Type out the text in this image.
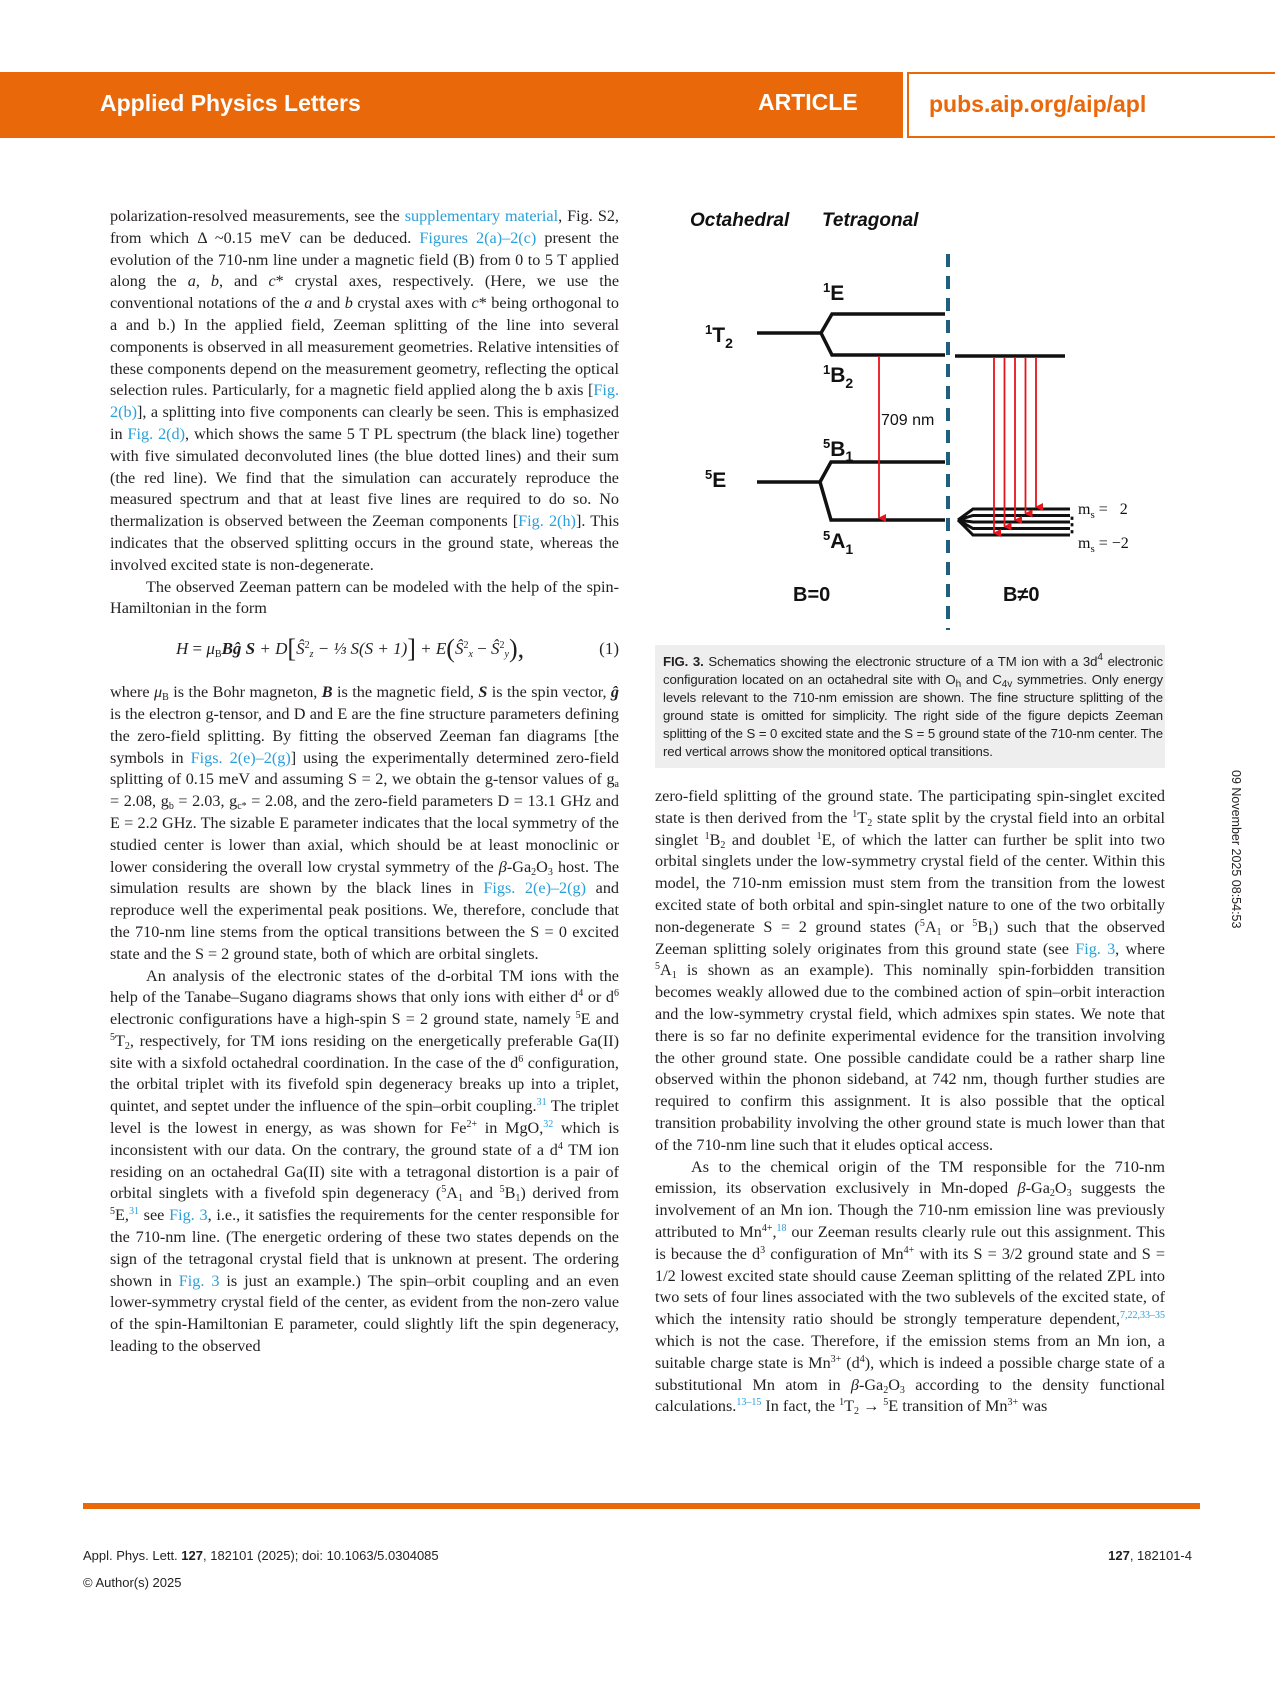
Applied Physics Letters	ARTICLE	pubs.aip.org/aip/apl

polarization-resolved measurements, see the supplementary material, Fig. S2, from which Δ ~0.15 meV can be deduced. Figures 2(a)–2(c) present the evolution of the 710-nm line under a magnetic field (B) from 0 to 5 T applied along the a, b, and c* crystal axes, respectively. (Here, we use the conventional notations of the a and b crystal axes with c* being orthogonal to a and b.) In the applied field, Zeeman splitting of the line into several components is observed in all measurement geometries. Relative intensities of these components depend on the measurement geometry, reflecting the optical selection rules. Particularly, for a magnetic field applied along the b axis [Fig. 2(b)], a splitting into five components can clearly be seen. This is emphasized in Fig. 2(d), which shows the same 5 T PL spectrum (the black line) together with five simulated deconvoluted lines (the blue dotted lines) and their sum (the red line). We find that the simulation can accurately reproduce the measured spectrum and that at least five lines are required to do so. No thermalization is observed between the Zeeman components [Fig. 2(h)]. This indicates that the observed splitting occurs in the ground state, whereas the involved excited state is non-degenerate.

The observed Zeeman pattern can be modeled with the help of the spin-Hamiltonian in the form

$H = \mu_BBĝ$ $S + D[Ŝ^2_z$ − ⅓ $S(S + 1)] + E(Ŝ^2_x$ − $Ŝ^2_y$),	(1)

where $\mu_B$ is the Bohr magneton, B is the magnetic field, S is the spin vector, ĝ is the electron g-tensor, and D and E are the fine structure parameters defining the zero-field splitting. By fitting the observed Zeeman fan diagrams [the symbols in Figs. 2(e)–2(g)] using the experimentally determined zero-field splitting of 0.15 meV and assuming S = 2, we obtain the g-tensor values of $g_a = 2.08$, $g_b = 2.03$, $g_{c*} = 2.08$, and the zero-field parameters D = 13.1 GHz and E = 2.2 GHz. The sizable E parameter indicates that the local symmetry of the studied center is lower than axial, which should be at least monoclinic or lower considering the overall low crystal symmetry of the $\beta-Ga_2O_3$ host. The simulation results are shown by the black lines in Figs. 2(e)–2(g) and reproduce well the experimental peak positions. We, therefore, conclude that the 710-nm line stems from the optical transitions between the S = 0 excited state and the S = 2 ground state, both of which are orbital singlets.

An analysis of the electronic states of the d-orbital TM ions with the help of the Tanabe–Sugano diagrams shows that only ions with either $d^4$ or $d^6$ electronic configurations have a high-spin S = 2 ground state, namely $^5$E and $^5T_2$, respectively, for TM ions residing on the energetically preferable Ga(II) site with a sixfold octahedral coordination. In the case of the $d^6$ configuration, the orbital triplet with its fivefold spin degeneracy breaks up into a triplet, quintet, and septet under the influence of the spin–orbit coupling.$^{31}$ The triplet level is the lowest in energy, as was shown for $Fe^{2+}$ in MgO,$^{32}$ which is inconsistent with our data. On the contrary, the ground state of a $d^4$ TM ion residing on an octahedral Ga(II) site with a tetragonal distortion is a pair of orbital singlets with a fivefold spin degeneracy ($^5A_1$ and $^5B_1$) derived from $^5$E,$^{31}$ see Fig. 3, i.e., it satisfies the requirements for the center responsible for the 710-nm line. (The energetic ordering of these two states depends on the sign of the tetragonal crystal field that is unknown at present. The ordering shown in Fig. 3 is just an example.) The spin–orbit coupling and an even lower-symmetry crystal field of the center, as evident from the non-zero value of the spin-Hamiltonian E parameter, could slightly lift the spin degeneracy, leading to the observed

Octahedral Tetragonal
$^1T_2$
$^1$E
$^1B_2$
$^5$E
$^5B_1$
$^5A_1$
B=0	B≠0
709 nm
$m_s = 2$
⋮
$m_s = -2$
FIG. 3. Schematics showing the electronic structure of a TM ion with a $3d^4$ electronic configuration located on an octahedral site with $O_h$ and $C_{4v}$ symmetries. Only energy levels relevant to the 710-nm emission are shown. The fine structure splitting of the ground state is omitted for simplicity. The right side of the figure depicts Zeeman splitting of the S = 0 excited state and the S = 5 ground state of the 710-nm center. The red vertical arrows show the monitored optical transitions.

zero-field splitting of the ground state. The participating spin-singlet excited state is then derived from the $^1T_2$ state split by the crystal field into an orbital singlet $^1B_2$ and doublet $^1$E, of which the latter can further be split into two orbital singlets under the low-symmetry crystal field of the center. Within this model, the 710-nm emission must stem from the transition from the lowest excited state of both orbital and spin-singlet nature to one of the two orbitally non-degenerate S = 2 ground states ($^5A_1$ or $^5B_1$) such that the observed Zeeman splitting solely originates from this ground state (see Fig. 3, where $^5A_1$ is shown as an example). This nominally spin-forbidden transition becomes weakly allowed due to the combined action of spin–orbit interaction and the low-symmetry crystal field, which admixes spin states. We note that there is so far no definite experimental evidence for the transition involving the other ground state. One possible candidate could be a rather sharp line observed within the phonon sideband, at 742 nm, though further studies are required to confirm this assignment. It is also possible that the optical transition probability involving the other ground state is much lower than that of the 710-nm line such that it eludes optical access.

As to the chemical origin of the TM responsible for the 710-nm emission, its observation exclusively in Mn-doped $\beta-Ga_2O_3$ suggests the involvement of an Mn ion. Though the 710-nm emission line was previously attributed to $Mn^{4+},^{18}$ our Zeeman results clearly rule out this assignment. This is because the $d^3$ configuration of $Mn^{4+}$ with its S = 3/2 ground state and S = 1/2 lowest excited state should cause Zeeman splitting of the related ZPL into two sets of four lines associated with the two sublevels of the excited state, of which the intensity ratio should be strongly temperature dependent,$^{7,22,33-35}$ which is not the case. Therefore, if the emission stems from an Mn ion, a suitable charge state is $Mn^{3+}$ $(d^4)$, which is indeed a possible charge state of a substitutional Mn atom in $\beta-Ga_2O_3$ according to the density functional calculations.$^{13-15}$ In fact, the $^1T_2 \to ^5E$ transition of $Mn^{3+}$ was

Appl. Phys. Lett. 127, 182101 (2025); doi: 10.1063/5.0304085
© Author(s) 2025
127, 182101-4
09 November 2025 08:54:53
